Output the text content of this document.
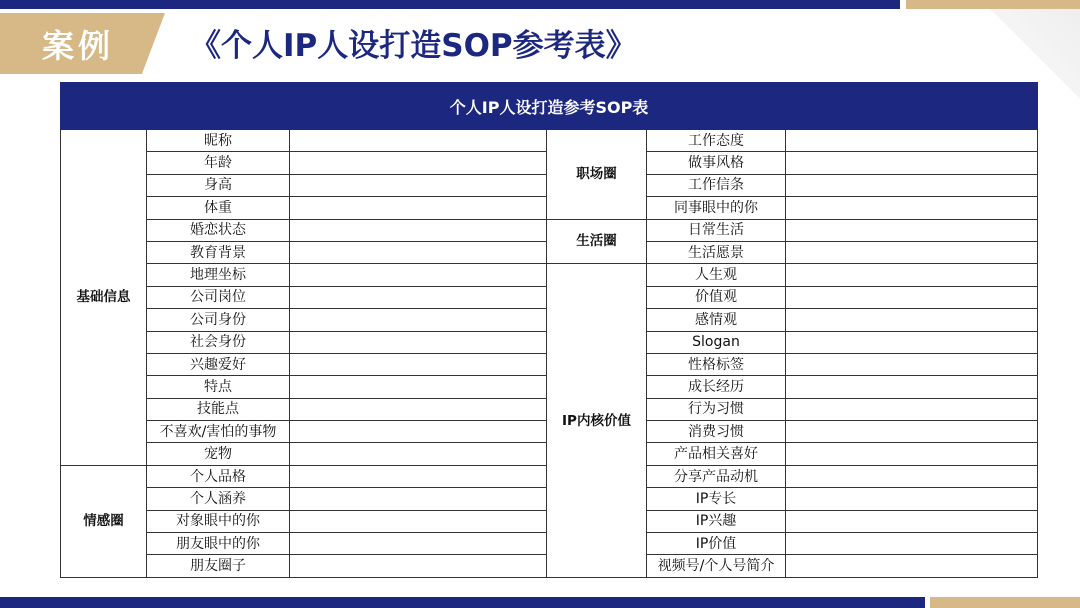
案例 《个人IP人设打造SOP参考表》
个人IP人设打造参考SOP表					
基础信息	昵称		职场圈	工作态度	
	年龄			做事风格	
	身高			工作信条	
	体重			同事眼中的你	
	婚恋状态		生活圈	日常生活	
	教育背景			生活愿景	
	地理坐标		IP内核价值	人生观	
	公司岗位			价值观	
	公司身份			感情观	
	社会身份			Slogan	
	兴趣爱好			性格标签	
	特点			成长经历	
	技能点			行为习惯	
	不喜欢/害怕的事物			消费习惯	
	宠物			产品相关喜好	
情感圈	个人品格			分享产品动机	
	个人涵养			IP专长	
	对象眼中的你			IP兴趣	
	朋友眼中的你			IP价值	
	朋友圈子			视频号/个人号简介	
